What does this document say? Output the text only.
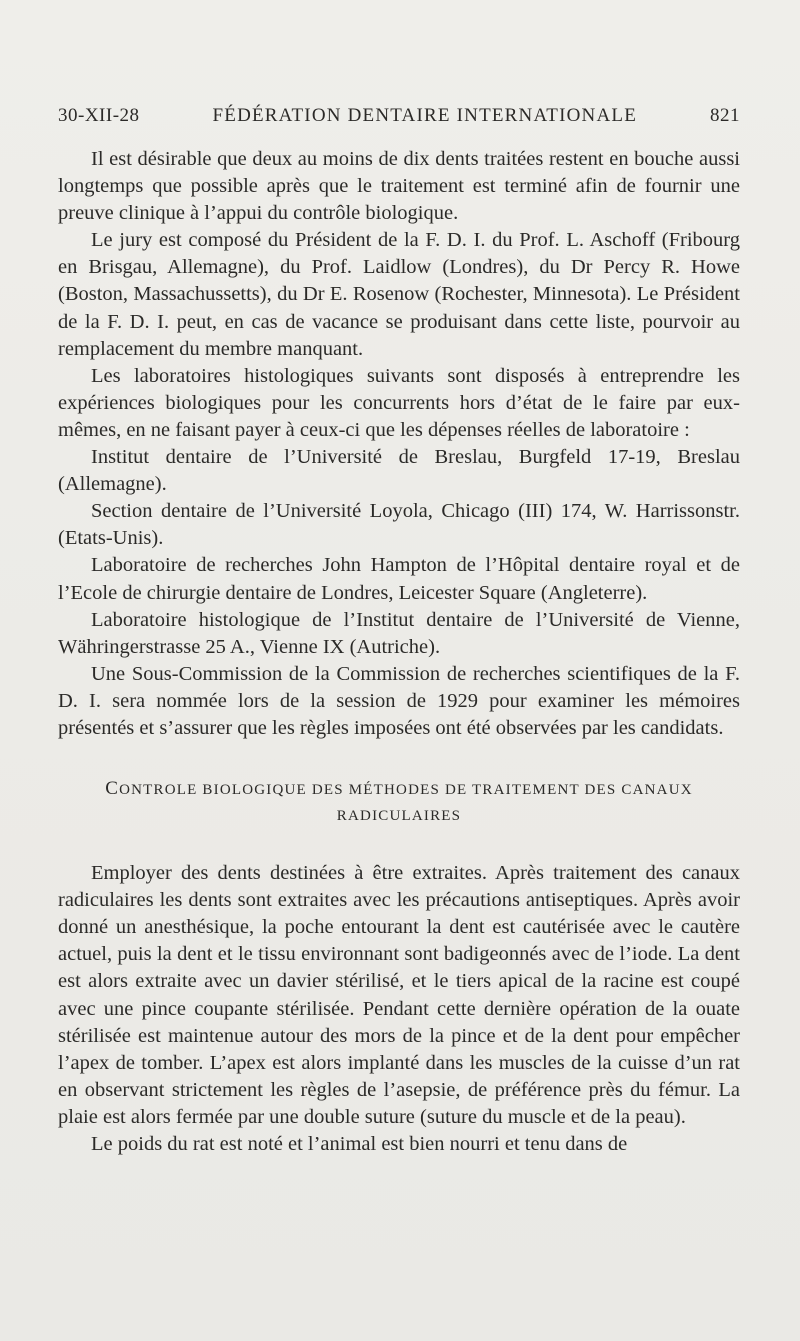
30-XII-28	FÉDÉRATION DENTAIRE INTERNATIONALE	821

Il est désirable que deux au moins de dix dents traitées restent en bouche aussi longtemps que possible après que le traitement est terminé afin de fournir une preuve clinique à l’appui du contrôle biologique.

Le jury est composé du Président de la F. D. I. du Prof. L. Aschoff (Fribourg en Brisgau, Allemagne), du Prof. Laidlow (Londres), du Dr Percy R. Howe (Boston, Massachussetts), du Dr E. Rosenow (Rochester, Minnesota). Le Président de la F. D. I. peut, en cas de vacance se produisant dans cette liste, pourvoir au remplacement du membre manquant.

Les laboratoires histologiques suivants sont disposés à entreprendre les expériences biologiques pour les concurrents hors d’état de le faire par eux-mêmes, en ne faisant payer à ceux-ci que les dépenses réelles de laboratoire :

Institut dentaire de l’Université de Breslau, Burgfeld 17-19, Breslau (Allemagne).

Section dentaire de l’Université Loyola, Chicago (III) 174, W. Harrissonstr. (Etats-Unis).

Laboratoire de recherches John Hampton de l’Hôpital dentaire royal et de l’Ecole de chirurgie dentaire de Londres, Leicester Square (Angleterre).

Laboratoire histologique de l’Institut dentaire de l’Université de Vienne, Währingerstrasse 25 A., Vienne IX (Autriche).

Une Sous-Commission de la Commission de recherches scientifiques de la F. D. I. sera nommée lors de la session de 1929 pour examiner les mémoires présentés et s’assurer que les règles imposées ont été observées par les candidats.

CONTROLE BIOLOGIQUE DES MÉTHODES DE TRAITEMENT DES CANAUX
RADICULAIRES

Employer des dents destinées à être extraites. Après traitement des canaux radiculaires les dents sont extraites avec les précautions antiseptiques. Après avoir donné un anesthésique, la poche entourant la dent est cautérisée avec le cautère actuel, puis la dent et le tissu environnant sont badigeonnés avec de l’iode. La dent est alors extraite avec un davier stérilisé, et le tiers apical de la racine est coupé avec une pince coupante stérilisée. Pendant cette dernière opération de la ouate stérilisée est maintenue autour des mors de la pince et de la dent pour empêcher l’apex de tomber. L’apex est alors implanté dans les muscles de la cuisse d’un rat en observant strictement les règles de l’asepsie, de préférence près du fémur. La plaie est alors fermée par une double suture (suture du muscle et de la peau).

Le poids du rat est noté et l’animal est bien nourri et tenu dans de
